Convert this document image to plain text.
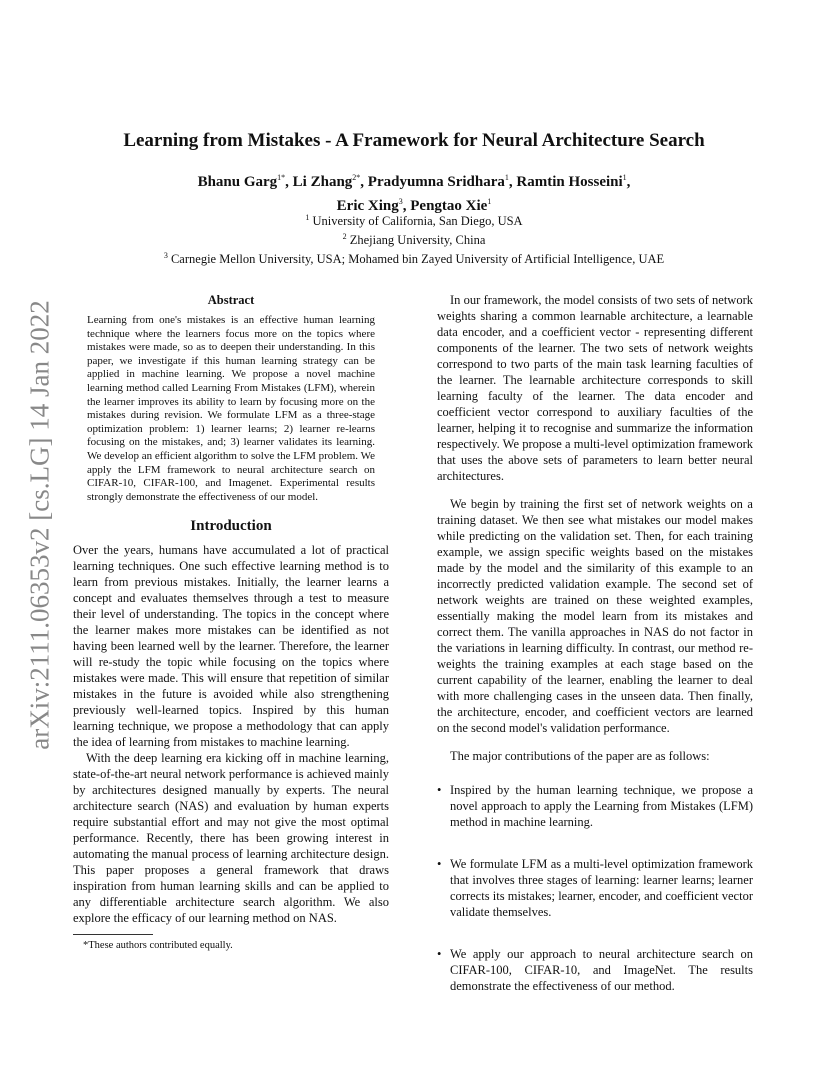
Learning from Mistakes - A Framework for Neural Architecture Search
Bhanu Garg$^{1*}$, Li Zhang$^{2*}$, Pradyumna Sridhara$^1$, Ramtin Hosseini$^1$,
Eric Xing$^3$, Pengtao Xie$^1$
$^1$ University of California, San Diego, USA
$^2$ Zhejiang University, China
$^3$ Carnegie Mellon University, USA; Mohamed bin Zayed University of Artificial Intelligence, UAE
arXiv:2111.06353v2 [cs.LG] 14 Jan 2022
Abstract

Learning from one's mistakes is an effective human learning technique where the learners focus more on the topics where mistakes were made, so as to deepen their understanding. In this paper, we investigate if this human learning strategy can be applied in machine learning. We propose a novel machine learning method called Learning From Mistakes (LFM), wherein the learner improves its ability to learn by focusing more on the mistakes during revision. We formulate LFM as a three-stage optimization problem: 1) learner learns; 2) learner re-learns focusing on the mistakes, and; 3) learner validates its learning. We develop an efficient algorithm to solve the LFM problem. We apply the LFM framework to neural architecture search on CIFAR-10, CIFAR-100, and Imagenet. Experimental results strongly demonstrate the effectiveness of our model.

Introduction

Over the years, humans have accumulated a lot of practical learning techniques. One such effective learning method is to learn from previous mistakes. Initially, the learner learns a concept and evaluates themselves through a test to measure their level of understanding. The topics in the concept where the learner makes more mistakes can be identified as not having been learned well by the learner. Therefore, the learner will re-study the topic while focusing on the topics where mistakes were made. This will ensure that repetition of similar mistakes in the future is avoided while also strengthening previously well-learned topics. Inspired by this human learning technique, we propose a methodology that can apply the idea of learning from mistakes to machine learning.

With the deep learning era kicking off in machine learning, state-of-the-art neural network performance is achieved mainly by architectures designed manually by experts. The neural architecture search (NAS) and evaluation by human experts require substantial effort and may not give the most optimal performance. Recently, there has been growing interest in automating the manual process of learning architecture design. This paper proposes a general framework that draws inspiration from human learning skills and can be applied to any differentiable architecture search algorithm. We also explore the efficacy of our learning method on NAS.

*These authors contributed equally.

In our framework, the model consists of two sets of network weights sharing a common learnable architecture, a learnable data encoder, and a coefficient vector - representing different components of the learner. The two sets of network weights correspond to two parts of the main task learning faculties of the learner. The learnable architecture corresponds to skill learning faculty of the learner. The data encoder and coefficient vector correspond to auxiliary faculties of the learner, helping it to recognise and summarize the information respectively. We propose a multi-level optimization framework that uses the above sets of parameters to learn better neural architectures.

We begin by training the first set of network weights on a training dataset. We then see what mistakes our model makes while predicting on the validation set. Then, for each training example, we assign specific weights based on the mistakes made by the model and the similarity of this example to an incorrectly predicted validation example. The second set of network weights are trained on these weighted examples, essentially making the model learn from its mistakes and correct them. The vanilla approaches in NAS do not factor in the variations in learning difficulty. In contrast, our method re-weights the training examples at each stage based on the current capability of the learner, enabling the learner to deal with more challenging cases in the unseen data. Then finally, the architecture, encoder, and coefficient vectors are learned on the second model's validation performance.

The major contributions of the paper are as follows:

• Inspired by the human learning technique, we propose a novel approach to apply the Learning from Mistakes (LFM) method in machine learning.
• We formulate LFM as a multi-level optimization framework that involves three stages of learning: learner learns; learner corrects its mistakes; learner, encoder, and coefficient vector validate themselves.
• We apply our approach to neural architecture search on CIFAR-100, CIFAR-10, and ImageNet. The results demonstrate the effectiveness of our method.
